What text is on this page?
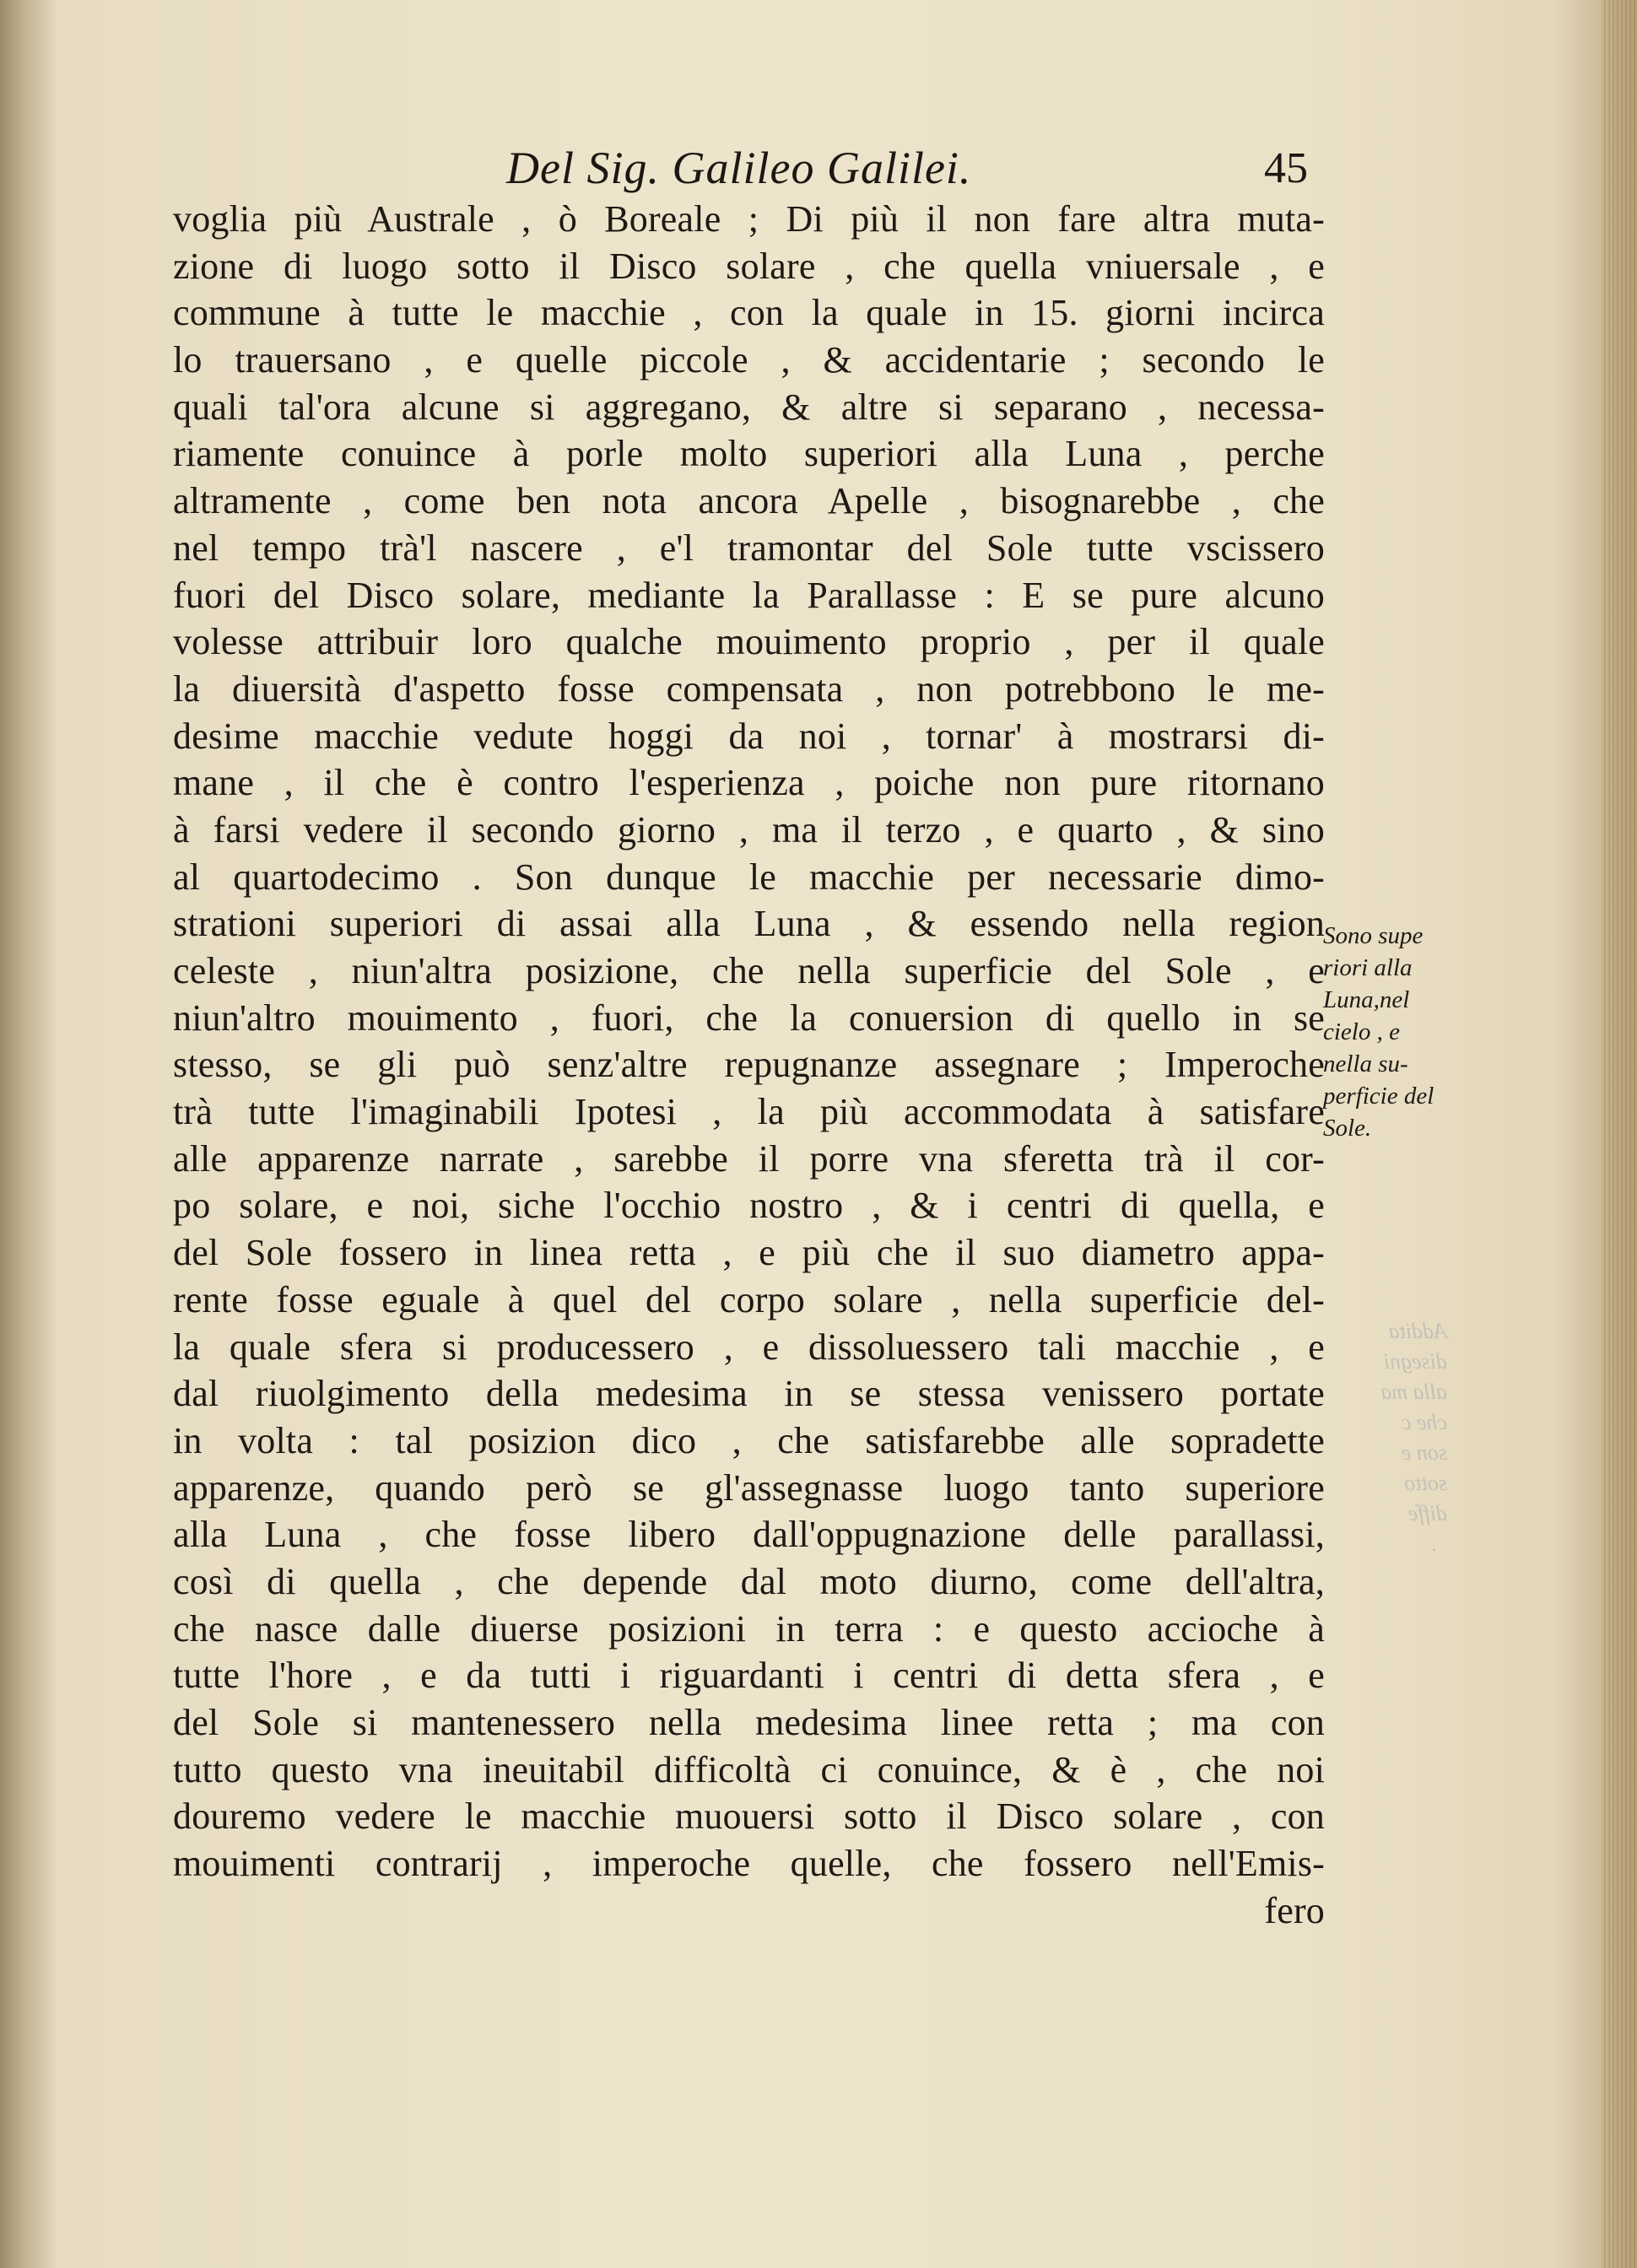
Addita
disegni
alla ma
che c
son e
sotto
diffe
.
Del Sig. Galileo Galilei.	45
voglia più Australe , ò Boreale ; Di più il non fare altra muta-
zione di luogo sotto il Disco solare , che quella vniuersale , e
commune à tutte le macchie , con la quale in 15. giorni incirca
lo trauersano , e quelle piccole , & accidentarie ; secondo le
quali tal'ora alcune si aggregano, & altre si separano , necessa-
riamente conuince à porle molto superiori alla Luna , perche
altramente , come ben nota ancora Apelle , bisognarebbe , che
nel tempo trà'l nascere , e'l tramontar del Sole tutte vscissero
fuori del Disco solare, mediante la Parallasse : E se pure alcuno
volesse attribuir loro qualche mouimento proprio , per il quale
la diuersità d'aspetto fosse compensata , non potrebbono le me-
desime macchie vedute hoggi da noi , tornar' à mostrarsi di-
mane , il che è contro l'esperienza , poiche non pure ritornano
à farsi vedere il secondo giorno , ma il terzo , e quarto , & sino
al quartodecimo . Son dunque le macchie per necessarie dimo-
strationi superiori di assai alla Luna , & essendo nella region
celeste , niun'altra posizione, che nella superficie del Sole , e
niun'altro mouimento , fuori, che la conuersion di quello in se
stesso, se gli può senz'altre repugnanze assegnare ; Imperoche
trà tutte l'imaginabili Ipotesi , la più accommodata à satisfare
alle apparenze narrate , sarebbe il porre vna sferetta trà il cor-
po solare, e noi, siche l'occhio nostro , & i centri di quella, e
del Sole fossero in linea retta , e più che il suo diametro appa-
rente fosse eguale à quel del corpo solare , nella superficie del-
la quale sfera si producessero , e dissoluessero tali macchie , e
dal riuolgimento della medesima in se stessa venissero portate
in volta : tal posizion dico , che satisfarebbe alle sopradette
apparenze, quando però se gl'assegnasse luogo tanto superiore
alla Luna , che fosse libero dall'oppugnazione delle parallassi,
così di quella , che depende dal moto diurno, come dell'altra,
che nasce dalle diuerse posizioni in terra : e questo accioche à
tutte l'hore , e da tutti i riguardanti i centri di detta sfera , e
del Sole si mantenessero nella medesima linee retta ; ma con
tutto questo vna ineuitabil difficoltà ci conuince, & è , che noi
douremo vedere le macchie muouersi sotto il Disco solare , con
mouimenti contrarij , imperoche quelle, che fossero nell'Emis-
fero
Sono supe
riori alla
Luna,nel
cielo , e
nella su-
perficie del
Sole.
